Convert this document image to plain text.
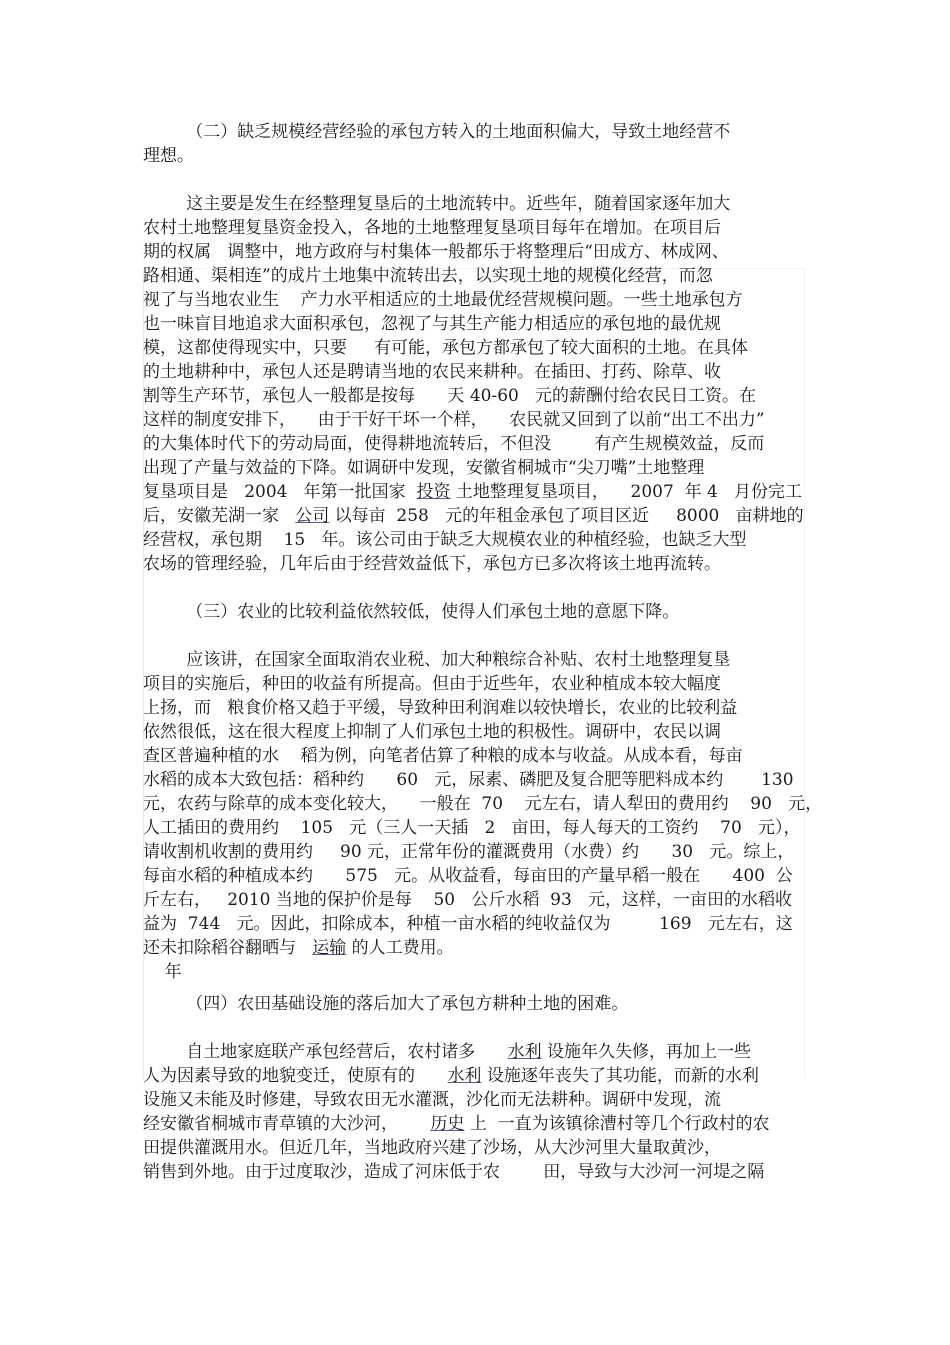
（二）缺乏规模经营经验的承包方转入的土地面积偏大，导致土地经营不
理想。
这主要是发生在经整理复垦后的土地流转中。近些年，随着国家逐年加大
农村土地整理复垦资金投入，各地的土地整理复垦项目每年在增加。在项目后
期的权属   调整中，地方政府与村集体一般都乐于将整理后“田成方、林成网、
路相通、渠相连”的成片土地集中流转出去，以实现土地的规模化经营，而忽
视了与当地农业生    产力水平相适应的土地最优经营规模问题。一些土地承包方
也一味盲目地追求大面积承包，忽视了与其生产能力相适应的承包地的最优规
模，这都使得现实中，只要     有可能，承包方都承包了较大面积的土地。在具体
的土地耕种中，承包人还是聘请当地的农民来耕种。在插田、打药、除草、收
割等生产环节，承包人一般都是按每      天 40-60   元的薪酬付给农民日工资。在
这样的制度安排下，    由于干好干坏一个样，    农民就又回到了以前“出工不出力”
的大集体时代下的劳动局面，使得耕地流转后，不但没        有产生规模效益，反而
出现了产量与效益的下降。如调研中发现，安徽省桐城市“尖刀嘴”土地整理
复垦项目是   2004   年第一批国家  投资 土地整理复垦项目，    2007  年 4   月份完工
后，安徽芜湖一家   公司 以每亩  258   元的年租金承包了项目区近     8000   亩耕地的
经营权，承包期    15   年。该公司由于缺乏大规模农业的种植经验，也缺乏大型
农场的管理经验，几年后由于经营效益低下，承包方已多次将该土地再流转。
（三）农业的比较利益依然较低，使得人们承包土地的意愿下降。
应该讲，在国家全面取消农业税、加大种粮综合补贴、农村土地整理复垦
项目的实施后，种田的收益有所提高。但由于近些年，农业种植成本较大幅度
上扬，而   粮食价格又趋于平缓，导致种田利润难以较快增长，农业的比较利益
依然很低，这在很大程度上抑制了人们承包土地的积极性。调研中，农民以调
查区普遍种植的水    稻为例，向笔者估算了种粮的成本与收益。从成本看，每亩
水稻的成本大致包括：稻种约      60   元，尿素、磷肥及复合肥等肥料成本约       130
元，农药与除草的成本变化较大，    一般在  70    元左右，请人犁田的费用约    90   元，
人工插田的费用约    105   元（三人一天插   2   亩田，每人每天的工资约    70   元），
请收割机收割的费用约     90 元，正常年份的灌溉费用（水费）约      30   元。综上，
每亩水稻的种植成本约      575   元。从收益看，每亩田的产量早稻一般在      400  公
斤左右，   2010 当地的保护价是每    50   公斤水稻  93   元，这样，一亩田的水稻收
益为  744   元。因此，扣除成本，种植一亩水稻的纯收益仅为         169   元左右，这
还未扣除稻谷翻晒与   运输 的人工费用。
年
（四）农田基础设施的落后加大了承包方耕种土地的困难。
自土地家庭联产承包经营后，农村诸多      水利 设施年久失修，再加上一些
人为因素导致的地貌变迁，使原有的      水利 设施逐年丧失了其功能，而新的水利
设施又未能及时修建，导致农田无水灌溉，沙化而无法耕种。调研中发现，流
经安徽省桐城市青草镇的大沙河，      历史 上  一直为该镇徐漕村等几个行政村的农
田提供灌溉用水。但近几年，当地政府兴建了沙场，从大沙河里大量取黄沙，
销售到外地。由于过度取沙，造成了河床低于农        田，导致与大沙河一河堤之隔
